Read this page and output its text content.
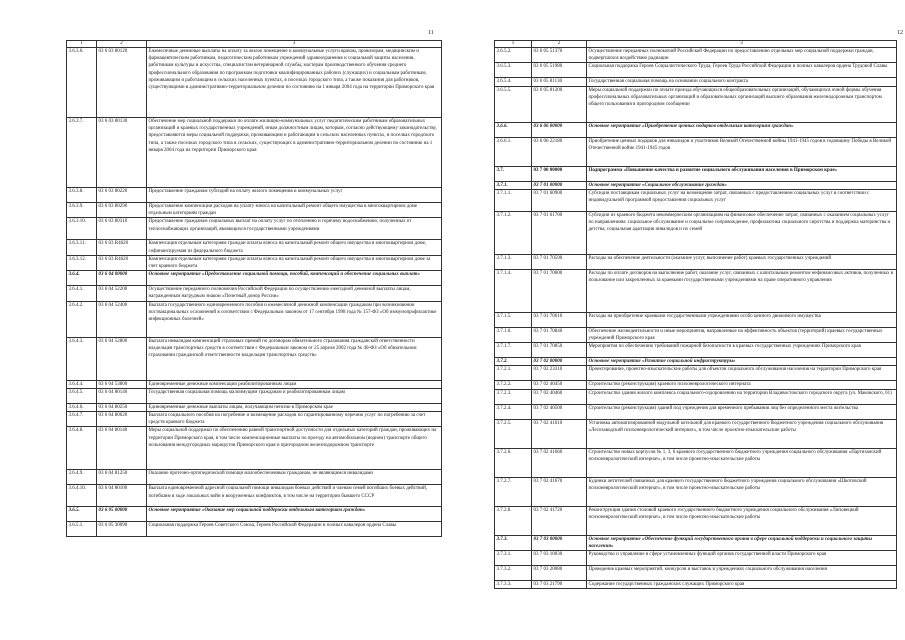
11
1	2	3
3.6.3.6.	03 6 03 80120	Ежемесячные денежные выплаты на оплату за жилое помещение и коммунальные услуги врачам, провизорам, медицинским и фармацевтическим работникам, педагогическим работникам учреждений здравоохранения и социальной защиты населения, работникам культуры и искусства, специалистам ветеринарной службы, мастерам производственного обучения среднего профессионального образования по программам подготовки квалифицированных рабочих (служащих) и социальным работникам, проживающим и работающим в сельских населенных пунктах, в поселках городского типа, а также показания для работников, существующими в административно-территориальном делении по состоянию на 1 января 2004 года на территории Приморского края
3.6.3.7.	03 6 03 80130	Обеспечение мер социальной поддержки по оплате жилищно-коммунальных услуг педагогическим работникам образовательных организаций и краевых государственных учреждений, иным должностным лицам, которым, согласно действующему законодательству, предоставляются меры социальной поддержки, проживающим и работающим в сельских населенных пунктах, в поселках городского типа, а также поселках городского типа в сельских, существующих в административно-территориальном делении по состоянию на 1 января 2004 года на территории Приморского края
3.6.3.8.	03 6 03 80220	Предоставление гражданам субсидий на оплату жилого помещения и коммунальных услуг
3.6.3.9.	03 6 03 80290	Предоставление компенсации расходов на уплату взноса на капитальный ремонт общего имущества в многоквартирном доме отдельным категориям граждан
3.6.3.10.	03 6 03 80310	Предоставление гражданам социальных выплат на оплату услуг по отоплению и горячему водоснабжению, полученных от теплоснабжающих организаций, являющихся государственными учреждениями
3.6.3.11.	03 6 03 R4620	Компенсация отдельным категориям граждан оплаты взноса на капитальный ремонт общего имущества в многоквартирном доме, софинансируемая из федерального бюджета
3.6.3.12.	03 6 03 R4620	Компенсация отдельным категориям граждан оплаты взноса на капитальный ремонт общего имущества в многоквартирном доме за счет краевого бюджета
3.6.4.	03 6 04 00000	Основное мероприятие «Предоставление социальной помощи, пособий, компенсаций и обеспечение социальных выплат»
3.6.4.1.	03 6 04 52200	Осуществление переданного полномочия Российской Федерации по осуществлению ежегодной денежной выплаты лицам, награжденным нагрудным знаком «Почетный донор России»
3.6.4.2.	03 6 04 52400	Выплата государственного единовременного пособия и ежемесячной денежной компенсации гражданам при возникновении поствакцинальных осложнений в соответствии с Федеральным законом от 17 сентября 1998 года № 157-ФЗ «Об иммунопрофилактике инфекционных болезней»
3.6.4.3.	03 6 04 52800	Выплата инвалидам компенсаций страховых премий по договорам обязательного страхования гражданской ответственности владельцев транспортных средств в соответствии с Федеральным законом от 25 апреля 2002 года № 40-ФЗ «Об обязательном страховании гражданской ответственности владельцев транспортных средств»
3.6.4.4.	03 6 04 53800	Единовременные денежные компенсации реабилитированным лицам
3.6.4.5.	03 6 04 80140	Государственная социальная помощь малоимущим гражданам и реабилитированным лицам
3.6.4.6.	03 6 04 80250	Единовременные денежные выплаты лицам, получающим пенсию в Приморском крае
3.6.4.7.	03 6 04 80620	Выплата социального пособия на погребение и возмещение расходов по гарантированному перечню услуг по погребению за счет средств краевого бюджета
3.6.4.8.	03 6 04 80140	Меры социальной поддержки по обеспечению равной транспортной доступности для отдельных категорий граждан, проживающих на территории Приморского края, в том числе компенсационные выплаты по проезду на автомобильном (водном) транспорте общего пользования междугородных маршрутов Приморского края и пригородном железнодорожном транспорте
3.6.4.9.	03 6 04 81250	Оказание протезно-ортопедической помощи малообеспеченным гражданам, не являющимся инвалидами
3.6.4.10.	03 6 04 80100	Выплата единовременной адресной социальной помощи инвалидам боевых действий и членам семей погибших боевых действий, погибшим в ходе локальных войн и вооруженных конфликтов, в том числе на территории бывшего СССР
3.6.5.	03 6 05 00000	Основное мероприятие «Оказание мер социальной поддержки отдельным категориям граждан»
3.6.5.1.	03 6 05 30090	Социальная поддержка Героев Советского Союза, Героев Российской Федерации и полных кавалеров ордена Славы
12
1	2	3
3.6.5.2.	03 6 05 51370	Осуществление переданных полномочий Российской Федерации по предоставлению отдельных мер социальной поддержки граждан, подвергшихся воздействию радиации
3.6.5.3.	03 6 05 51980	Социальная поддержка Героев Социалистического Труда, Героев Труда Российской Федерации и полных кавалеров ордена Трудовой Славы
3.6.5.4.	03 6 05 81130	Государственная социальная помощь на основании социального контракта
3.6.5.5.	03 6 05 81200	Меры социальной поддержки по оплате проезда обучающихся общеобразовательных организаций, обучающихся очной формы обучения профессиональных образовательных организаций и образовательных организаций высшего образования железнодорожным транспортом общего пользования в пригородном сообщении
3.6.6.	03 6 06 00000	Основное мероприятие «Приобретение ценных подарков отдельным категориям граждан»
3.6.6.1.	03 6 06 22180	Приобретение ценных подарков для инвалидов и участников Великой Отечественной войны 1941-1945 годов в годовщину Победы в Великой Отечественной войне 1941-1945 годов
3.7.	03 7 00 00000	Подпрограмма «Повышение качества и развитие социального обслуживания населения в Приморском крае»
3.7.1.	03 7 01 00000	Основное мероприятие «Социальное обслуживание граждан»
3.7.1.1.	03 7 01 60900	Субсидии поставщикам социальных услуг на возмещение затрат, связанных с предоставлением социальных услуг в соответствии с индивидуальной программой предоставления социальных услуг
3.7.1.2.	03 7 01 61700	Субсидии из краевого бюджета некоммерческим организациям на финансовое обеспечение затрат, связанных с оказанием социальных услуг по направлениям: социальное обслуживание и социальное сопровождение, профилактика социального сиротства и поддержка материнства и детства, социальная адаптация инвалидов и их семей
3.7.1.3.	03 7 01 70590	Расходы на обеспечение деятельности (оказание услуг, выполнение работ) краевых государственных учреждений
3.7.1.4.	03 7 01 70600	Расходы по оплате договоров на выполнение работ, оказание услуг, связанных с капитальным ремонтом нефинансовых активов, полученных в пользование или закрепленных за краевыми государственными учреждениями на праве оперативного управления
3.7.1.5.	03 7 01 70610	Расходы на приобретение краевыми государственными учреждениями особо ценного движимого имущества
3.7.1.6.	03 7 01 70840	Обеспечение жизнедеятельности и иные мероприятия, направленные на эффективность объектов (территорий) краевых государственных учреждений Приморского края
3.7.1.7.	03 7 01 70850	Мероприятия по обеспечению требований пожарной безопасности в краевых государственных учреждениях Приморского края
3.7.2.	03 7 02 00000	Основное мероприятие «Развитие социальной инфраструктуры»
3.7.2.1.	03 7 02 23310	Проектирование, проектно-изыскательские работы для объектов социального обслуживания населения на территории Приморского края
3.7.2.2.	03 7 02 40450	Строительство (реконструкция) краевого психоневрологического интерната
3.7.2.3.	03 7 02 40460	Строительство здания жилого комплекса социального-оздоровлению на территории Владивостокского городского округа (ул. Маковского, 61)
3.7.2.4.	03 7 02 40500	Строительство (реконструкция) зданий под учреждения для временного пребывания лиц без определенного места жительства
3.7.2.5.	03 7 02 41610	Установка автоматизированной модульной котельной для краевого государственного бюджетного учреждения социального обслуживания «Лесозаводский психоневрологический интернат», в том числе проектно-изыскательские работы
3.7.2.6.	03 7 02 41660	Строительство новых корпусов № 1, 3, 6 краевого государственного бюджетного учреждения социального обслуживания «Партизанский психоневрологический интернат», в том числе проектно-изыскательские работы
3.7.2.7.	03 7 02 41670	Будинки антитеплей связанных для краевого государственного бюджетного учреждения социального обслуживания «Шкотовский психоневрологический интернат», в том числе проектно-изыскательские работы
3.7.2.8.	03 7 02 41720	Реконструкция здания столовой краевого государственного бюджетного учреждения социального обслуживания «Липовецкий психоневрологический интернат», в том числе проектно-изыскательские работы
3.7.3.	03 7 03 00000	Основное мероприятие «Обеспечение функций государственного органа в сфере социальной поддержки и социального защиты населения»
3.7.3.1.	03 7 03 10030	Руководство и управление в сфере установленных функций органов государственной власти Приморского края
3.7.3.2.	03 7 03 20080	Проведение краевых мероприятий, конкурсов и выставок в учреждениях социального обслуживания населения
3.7.3.3.	03 7 03 21790	Содержание государственных гражданских служащих Приморского края
